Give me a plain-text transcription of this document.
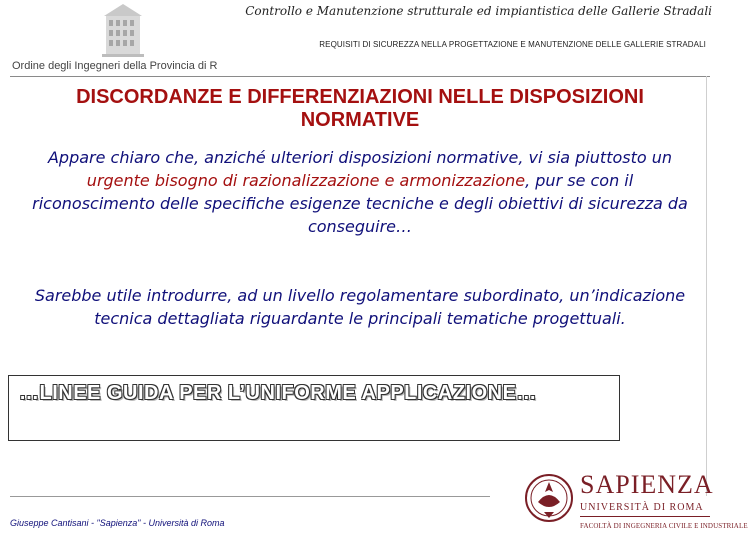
Controllo e Manutenzione strutturale ed impiantistica delle Gallerie Stradali
REQUISITI DI SICUREZZA NELLA PROGETTAZIONE E MANUTENZIONE DELLE GALLERIE STRADALI
Ordine degli Ingegneri della Provincia di R
DISCORDANZE E DIFFERENZIAZIONI NELLE DISPOSIZIONI NORMATIVE
Appare chiaro che, anziché ulteriori disposizioni normative, vi sia piuttosto un urgente bisogno di razionalizzazione e armonizzazione, pur se con il riconoscimento delle specifiche esigenze tecniche e degli obiettivi di sicurezza da conseguire…
Sarebbe utile introdurre, ad un livello regolamentare subordinato, un’indicazione tecnica dettagliata riguardante le principali tematiche progettuali.
…LINEE GUIDA PER L’UNIFORME APPLICAZIONE…
Giuseppe Cantisani - "Sapienza" - Università di Roma
SAPIENZA
UNIVERSITÀ DI ROMA
FACOLTÀ DI INGEGNERIA CIVILE E INDUSTRIALE
